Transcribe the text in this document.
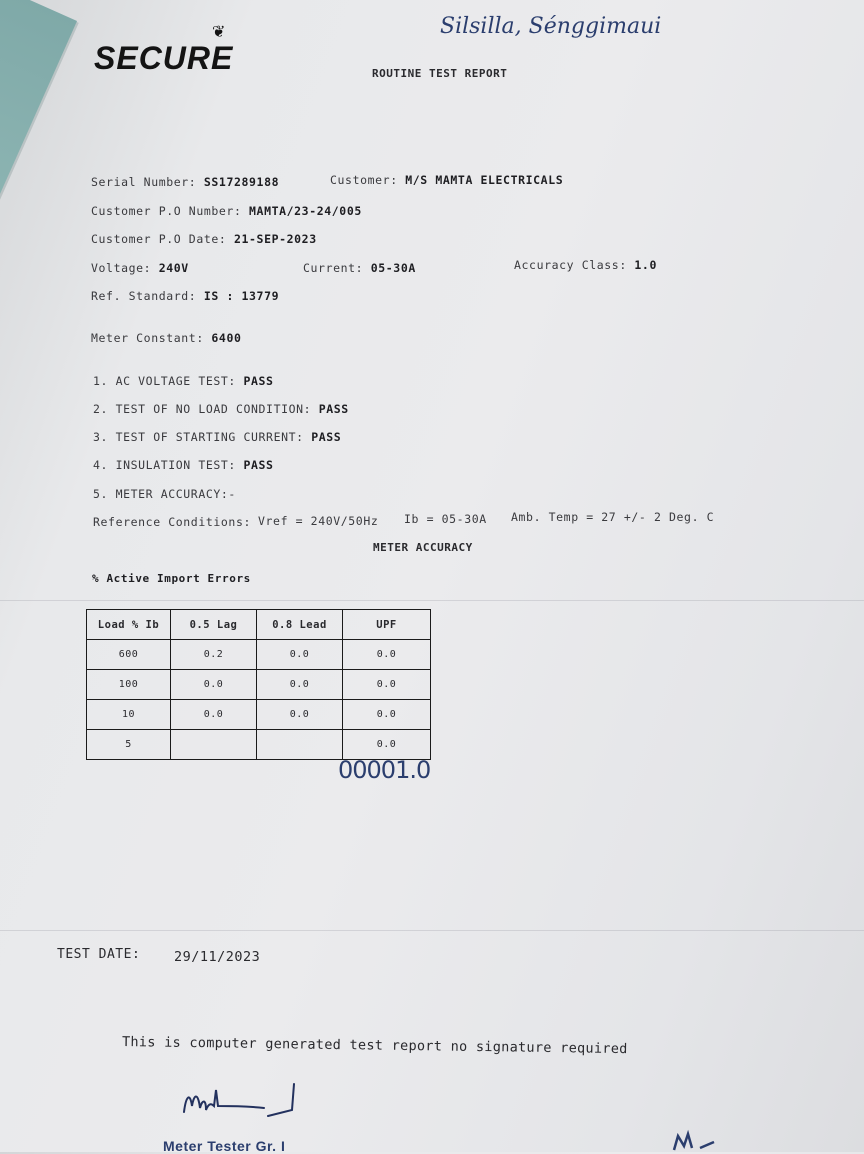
❦
SECURE
Silsilla, Sénggimaui
ROUTINE TEST REPORT
Serial Number: SS17289188	Customer: M/S MAMTA ELECTRICALS
Customer P.O Number: MAMTA/23-24/005
Customer P.O Date: 21-SEP-2023
Voltage: 240V	Current: 05-30A	Accuracy Class: 1.0
Ref. Standard: IS : 13779
Meter Constant: 6400
1. AC VOLTAGE TEST: PASS
2. TEST OF NO LOAD CONDITION: PASS
3. TEST OF STARTING CURRENT: PASS
4. INSULATION TEST: PASS
5. METER ACCURACY:-
Reference Conditions: Vref = 240V/50Hz Ib = 05-30A Amb. Temp = 27 +/- 2 Deg. C
METER ACCURACY
% Active Import Errors
Load % Ib	0.5 Lag	0.8 Lead	UPF
600	0.2	0.0	0.0
100	0.0	0.0	0.0
10	0.0	0.0	0.0
5			0.0
00001.0
TEST DATE: 29/11/2023
This is computer generated test report no signature required
Meter Tester Gr. I
